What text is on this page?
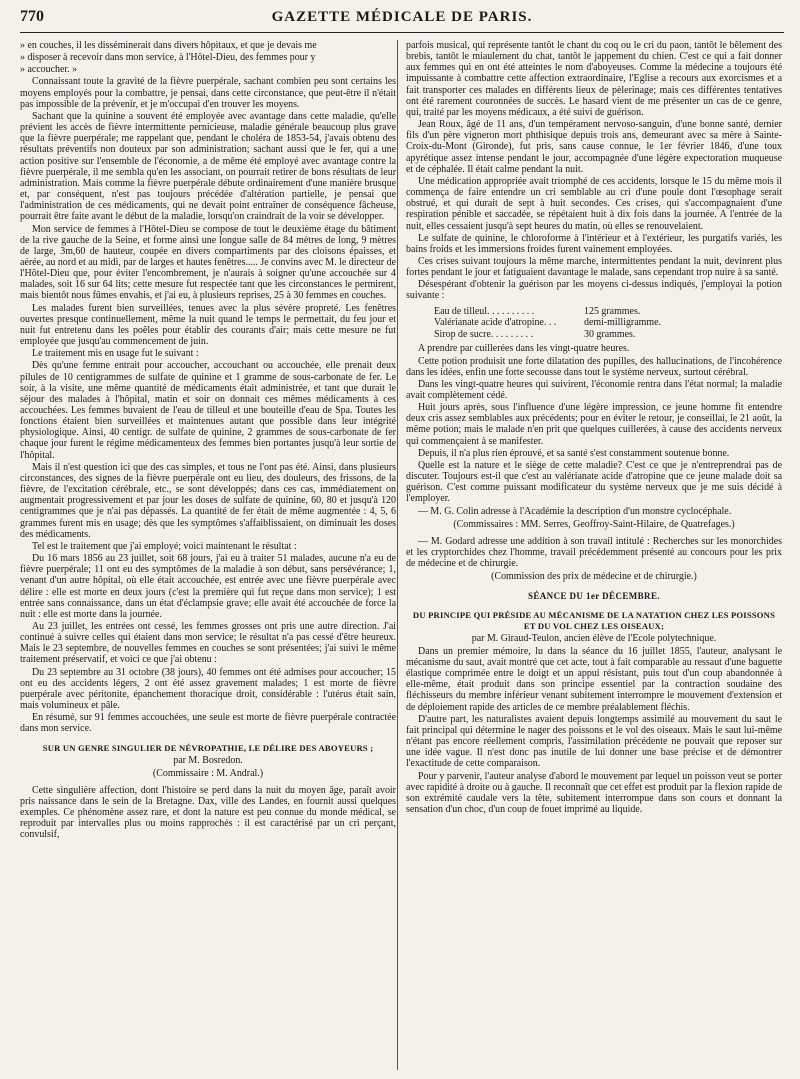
770	GAZETTE MÉDICALE DE PARIS.

» en couches, il les disséminerait dans divers hôpitaux, et que je devais me

» disposer à recevoir dans mon service, à l'Hôtel-Dieu, des femmes pour y

» accoucher. »

Connaissant toute la gravité de la fièvre puerpérale, sachant combien peu sont certains les moyens employés pour la combattre, je pensai, dans cette circonstance, que peut-être il n'était pas impossible de la prévenir, et je m'occupai d'en trouver les moyens.

Sachant que la quinine a souvent été employée avec avantage dans cette maladie, qu'elle prévient les accès de fièvre intermittente pernicieuse, maladie générale beaucoup plus grave que la fièvre puerpérale; me rappelant que, pendant le choléra de 1853-54, j'avais obtenu des résultats préventifs non douteux par son administration; sachant aussi que le fer, qui a une action positive sur l'ensemble de l'économie, a de même été employé avec avantage contre la fièvre puerpérale, il me sembla qu'en les associant, on pourrait retirer de bons résultats de leur administration. Mais comme la fièvre puerpérale débute ordinairement d'une manière brusque et, par conséquent, n'est pas toujours précédée d'altération partielle, je pensai que l'administration de ces médicaments, qui ne devait point entraîner de conséquence fâcheuse, pourrait être faite avant le début de la maladie, lorsqu'on craindrait de la voir se développer.

Mon service de femmes à l'Hôtel-Dieu se compose de tout le deuxième étage du bâtiment de la rive gauche de la Seine, et forme ainsi une longue salle de 84 mètres de long, 9 mètres de large, 3m,60 de hauteur, coupée en divers compartiments par des cloisons épaisses, et aérée, au nord et au midi, par de larges et hautes fenêtres..... Je convins avec M. le directeur de l'Hôtel-Dieu que, pour éviter l'encombrement, je n'aurais à soigner qu'une accouchée sur 4 malades, soit 16 sur 64 lits; cette mesure fut respectée tant que les circonstances le permirent, mais bientôt nous fûmes envahis, et j'ai eu, à plusieurs reprises, 25 à 30 femmes en couches.

Les malades furent bien surveillées, tenues avec la plus sévère propreté. Les fenêtres ouvertes presque continuellement, même la nuit quand le temps le permettait, du feu jour et nuit fut entretenu dans les poêles pour établir des courants d'air; mais cette mesure ne fut employée que jusqu'au commencement de juin.

Le traitement mis en usage fut le suivant :

Dès qu'une femme entrait pour accoucher, accouchant ou accouchée, elle prenait deux pilules de 10 centigrammes de sulfate de quinine et 1 gramme de sous-carbonate de fer. Le soir, à la visite, une même quantité de médicaments était administrée, et tant que durait le séjour des malades à l'hôpital, matin et soir on donnait ces mêmes médicaments à ces accouchées. Les femmes buvaient de l'eau de tilleul et une bouteille d'eau de Spa. Toutes les fonctions étaient bien surveillées et maintenues autant que possible dans leur intégrité physiologique. Ainsi, 40 centigr. de sulfate de quinine, 2 grammes de sous-carbonate de fer chaque jour furent le régime médicamenteux des femmes bien portantes jusqu'à leur sortie de l'hôpital.

Mais il n'est question ici que des cas simples, et tous ne l'ont pas été. Ainsi, dans plusieurs circonstances, des signes de la fièvre puerpérale ont eu lieu, des douleurs, des frissons, de la fièvre, de l'excitation cérébrale, etc., se sont développés; dans ces cas, immédiatement on augmentait progressivement et par jour les doses de sulfate de quinine, 60, 80 et jusqu'à 120 centigrammes que je n'ai pas dépassés. La quantité de fer était de même augmentée : 4, 5, 6 grammes furent mis en usage; dès que les symptômes s'affaiblissaient, on diminuait les doses des médicaments.

Tel est le traitement que j'ai employé; voici maintenant le résultat :

Du 16 mars 1856 au 23 juillet, soit 68 jours, j'ai eu à traiter 51 malades, aucune n'a eu de fièvre puerpérale; 11 ont eu des symptômes de la maladie à son début, sans persévérance; 1, venant d'un autre hôpital, où elle était accouchée, est entrée avec une fièvre puerpérale avec délire : elle est morte en deux jours (c'est la première qui fut reçue dans mon service); 1 est entrée sans connaissance, dans un état d'éclampsie grave; elle avait été accouchée de force la nuit : elle est morte dans la journée.

Au 23 juillet, les entrées ont cessé, les femmes grosses ont pris une autre direction. J'ai continué à suivre celles qui étaient dans mon service; le résultat n'a pas cessé d'être heureux. Mais le 23 septembre, de nouvelles femmes en couches se sont présentées; j'ai suivi le même traitement préservatif, et voici ce que j'ai obtenu :

Du 23 septembre au 31 octobre (38 jours), 40 femmes ont été admises pour accoucher; 15 ont eu des accidents légers, 2 ont été assez gravement malades; 1 est morte de fièvre puerpérale avec péritonite, épanchement thoracique droit, considérable : l'utérus était sain, mais volumineux et pâle.

En résumé, sur 91 femmes accouchées, une seule est morte de fièvre puerpérale contractée dans mon service.

SUR UN GENRE SINGULIER DE NÉVROPATHIE, LE DÉLIRE DES ABOYEURS ;
par M. Bosredon.
(Commissaire : M. Andral.)

Cette singulière affection, dont l'histoire se perd dans la nuit du moyen âge, paraît avoir pris naissance dans le sein de la Bretagne. Dax, ville des Landes, en fournit aussi quelques exemples. Ce phénomène assez rare, et dont la nature est peu connue du monde médical, se reproduit par intervalles plus ou moins rapprochés : il est caractérisé par un cri perçant, convulsif,

parfois musical, qui représente tantôt le chant du coq ou le cri du paon, tantôt le bêlement des brebis, tantôt le miaulement du chat, tantôt le jappement du chien. C'est ce qui a fait donner aux femmes qui en ont été atteintes le nom d'aboyeuses. Comme la médecine a toujours été impuissante à combattre cette affection extraordinaire, l'Eglise a recours aux exorcismes et a fait transporter ces malades en différents lieux de pèlerinage; mais ces différentes tentatives ont été rarement couronnées de succès. Le hasard vient de me présenter un cas de ce genre, qui, traité par les moyens médicaux, a été suivi de guérison.

Jean Roux, âgé de 11 ans, d'un tempérament nervoso-sanguin, d'une bonne santé, dernier fils d'un père vigneron mort phthisique depuis trois ans, demeurant avec sa mère à Sainte-Croix-du-Mont (Gironde), fut pris, sans cause connue, le 1er février 1846, d'une toux apyrétique assez intense pendant le jour, accompagnée d'une légère expectoration muqueuse et de céphalée. Il était calme pendant la nuit.

Une médication appropriée avait triomphé de ces accidents, lorsque le 15 du même mois il commença de faire entendre un cri semblable au cri d'une poule dont l'œsophage serait obstrué, et qui durait de sept à huit secondes. Ces crises, qui s'accompagnaient d'une respiration pénible et saccadée, se répétaient huit à dix fois dans la journée. A l'entrée de la nuit, elles cessaient jusqu'à sept heures du matin, où elles se renouvelaient.

Le sulfate de quinine, le chloroforme à l'intérieur et à l'extérieur, les purgatifs variés, les bains froids et les immersions froides furent vainement employées.

Ces crises suivant toujours la même marche, intermittentes pendant la nuit, devinrent plus fortes pendant le jour et fatiguaient davantage le malade, sans cependant trop nuire à sa santé.

Désespérant d'obtenir la guérison par les moyens ci-dessus indiqués, j'employai la potion suivante :

Eau de tilleul. . . . . . . . . .	125 grammes.
Valérianate acide d'atropine. . .	demi-milligramme.
Sirop de sucre. . . . . . . . .	30 grammes.

A prendre par cuillerées dans les vingt-quatre heures.

Cette potion produisit une forte dilatation des pupilles, des hallucinations, de l'incohérence dans les idées, enfin une forte secousse dans tout le système nerveux, surtout cérébral.

Dans les vingt-quatre heures qui suivirent, l'économie rentra dans l'état normal; la maladie avait complètement cédé.

Huit jours après, sous l'influence d'une légère impression, ce jeune homme fit entendre deux cris assez semblables aux précédents; pour en éviter le retour, je conseillai, le 21 août, la même potion; mais le malade n'en prit que quelques cuillerées, à cause des accidents nerveux qui commençaient à se manifester.

Depuis, il n'a plus rien éprouvé, et sa santé s'est constamment soutenue bonne.

Quelle est la nature et le siège de cette maladie? C'est ce que je n'entreprendrai pas de discuter. Toujours est-il que c'est au valérianate acide d'atropine que ce jeune malade doit sa guérison. C'est comme puissant modificateur du système nerveux que je me suis décidé à l'employer.

— M. G. Colin adresse à l'Académie la description d'un monstre cyclocéphale.

(Commissaires : MM. Serres, Geoffroy-Saint-Hilaire, de Quatrefages.)

— M. Godard adresse une addition à son travail intitulé : Recherches sur les monorchides et les cryptorchides chez l'homme, travail précédemment présenté au concours pour les prix de médecine et de chirurgie.

(Commission des prix de médecine et de chirurgie.)
SÉANCE DU 1er DÉCEMBRE.
DU PRINCIPE QUI PRÉSIDE AU MÉCANISME DE LA NATATION CHEZ LES POISSONS ET DU VOL CHEZ LES OISEAUX;
par M. Giraud-Teulon, ancien élève de l'Ecole polytechnique.

Dans un premier mémoire, lu dans la séance du 16 juillet 1855, l'auteur, analysant le mécanisme du saut, avait montré que cet acte, tout à fait comparable au ressaut d'une baguette élastique comprimée entre le doigt et un appui résistant, puis tout d'un coup abandonnée à elle-même, était produit dans son principe essentiel par la contraction soudaine des fléchisseurs du membre inférieur venant subitement interrompre le mouvement d'extension et de déploiement rapide des articles de ce membre préalablement fléchis.

D'autre part, les naturalistes avaient depuis longtemps assimilé au mouvement du saut le fait principal qui détermine le nager des poissons et le vol des oiseaux. Mais le saut lui-même n'étant pas encore réellement compris, l'assimilation précédente ne pouvait que reposer sur une idée vague. Il n'est donc pas inutile de lui donner une base précise et de démontrer l'exactitude de cette comparaison.

Pour y parvenir, l'auteur analyse d'abord le mouvement par lequel un poisson veut se porter avec rapidité à droite ou à gauche. Il reconnaît que cet effet est produit par la flexion rapide de son extrémité caudale vers la tête, subitement interrompue dans son cours et donnant la sensation d'un choc, d'un coup de fouet imprimé au liquide.
